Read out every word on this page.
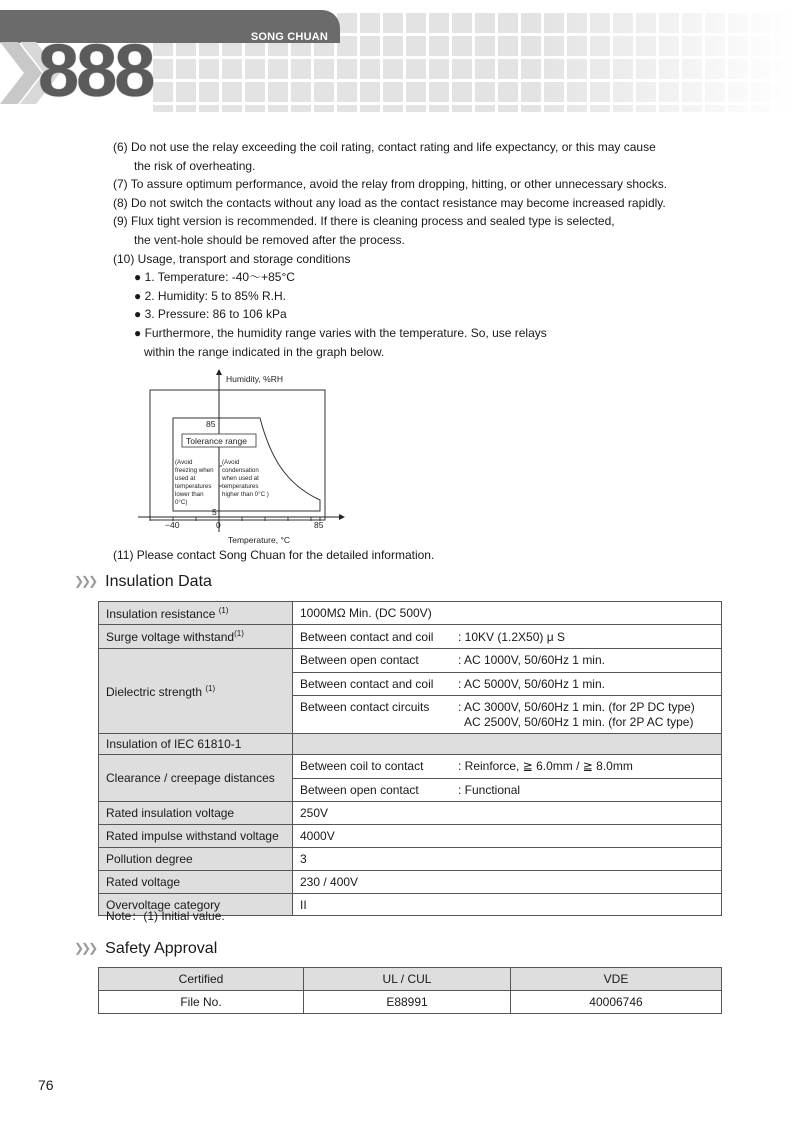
SONG CHUAN
888
(6) Do not use the relay exceeding the coil rating, contact rating and life expectancy, or this may cause
the risk of overheating.
(7) To assure optimum performance, avoid the relay from dropping, hitting, or other unnecessary shocks.
(8) Do not switch the contacts without any load as the contact resistance may become increased rapidly.
(9) Flux tight version is recommended. If there is cleaning process and sealed type is selected,
the vent-hole should be removed after the process.
(10) Usage, transport and storage conditions
● 1. Temperature: -40～+85°C
● 2. Humidity: 5 to 85% R.H.
● 3. Pressure: 86 to 106 kPa
● Furthermore, the humidity range varies with the temperature. So, use relays
within the range indicated in the graph below.
Humidity, %RH
Temperature, °C
85
5
−40	0	85
Tolerance range
(Avoid
freezing when
used at
temperatures
lower than
0°C)
(Avoid
condensation
when used at
temperatures
higher than 0°C )
(11) Please contact Song Chuan for the detailed information.
❯❯❯ Insulation Data
Insulation resistance $^{(1)}$	1000MΩ Min. (DC 500V)
Surge voltage withstand$^{(1)}$		Between contact and coil	: 10KV (1.2X50) μ S

Dielectric strength $^{(1)}$	
Between open contact	: AC 1000V, 50/60Hz 1 min.
Between contact and coil	: AC 5000V, 50/60Hz 1 min.
Between contact circuits	: AC 3000V, 50/60Hz 1 min. (for 2P DC type)
AC 2500V, 50/60Hz 1 min. (for 2P AC type)

Insulation of IEC 61810-1	
Clearance / creepage distances	
Between coil to contact	: Reinforce, ≧ 6.0mm / ≧ 8.0mm
Between open contact	: Functional

Rated insulation voltage	250V
Rated impulse withstand voltage	4000V
Pollution degree	3
Rated voltage	230 / 400V
Overvoltage category	II
Note：(1) Initial value.
❯❯❯ Safety Approval
Certified	UL / CUL	VDE
File No.	E88991	40006746
76
